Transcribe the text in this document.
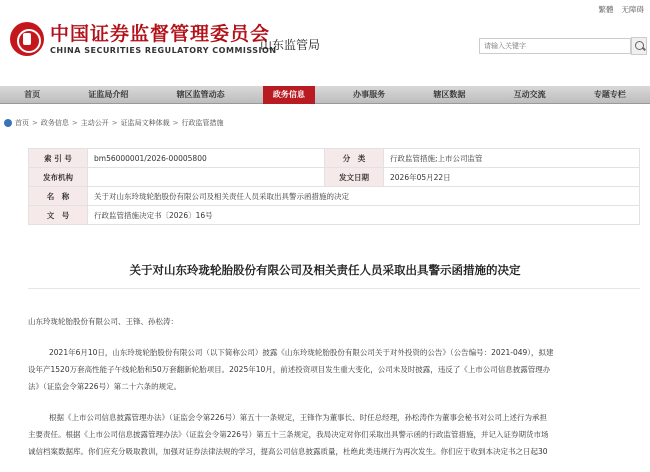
繁體 无障碍
中国证券监督管理委员会
CHINA SECURITIES REGULATORY COMMISSION
山东监管局
请输入关键字
首页	证监局介绍	辖区监管动态	政务信息	办事服务	辖区数据	互动交流	专题专栏
首页 > 政务信息 > 主动公开 > 证监局文种体裁 > 行政监管措施
索 引 号	bm56000001/2026-00005800	分　类	行政监管措施;上市公司监管
发布机构		发文日期	2026年05月22日
名　称	关于对山东玲珑轮胎股份有限公司及相关责任人员采取出具警示函措施的决定		
文　号	行政监管措施决定书〔2026〕16号		
关于对山东玲珑轮胎股份有限公司及相关责任人员采取出具警示函措施的决定

山东玲珑轮胎股份有限公司、王锋、孙松涛：

2021年6月10日，山东玲珑轮胎股份有限公司（以下简称公司）披露《山东玲珑轮胎股份有限公司关于对外投资的公告》（公告编号：2021-049），拟建

设年产1520万套高性能子午线轮胎和50万套翻新轮胎项目。2025年10月，前述投资项目发生重大变化，公司未及时披露，违反了《上市公司信息披露管理办

法》（证监会令第226号）第二十六条的规定。

根据《上市公司信息披露管理办法》（证监会令第226号）第五十一条规定，王锋作为董事长、时任总经理，孙松涛作为董事会秘书对公司上述行为承担

主要责任。根据《上市公司信息披露管理办法》（证监会令第226号）第五十三条规定，我局决定对你们采取出具警示函的行政监管措施，并记入证券期货市场

诚信档案数据库。你们应充分吸取教训，加强对证券法律法规的学习，提高公司信息披露质量，杜绝此类违规行为再次发生。你们应于收到本决定书之日起30
